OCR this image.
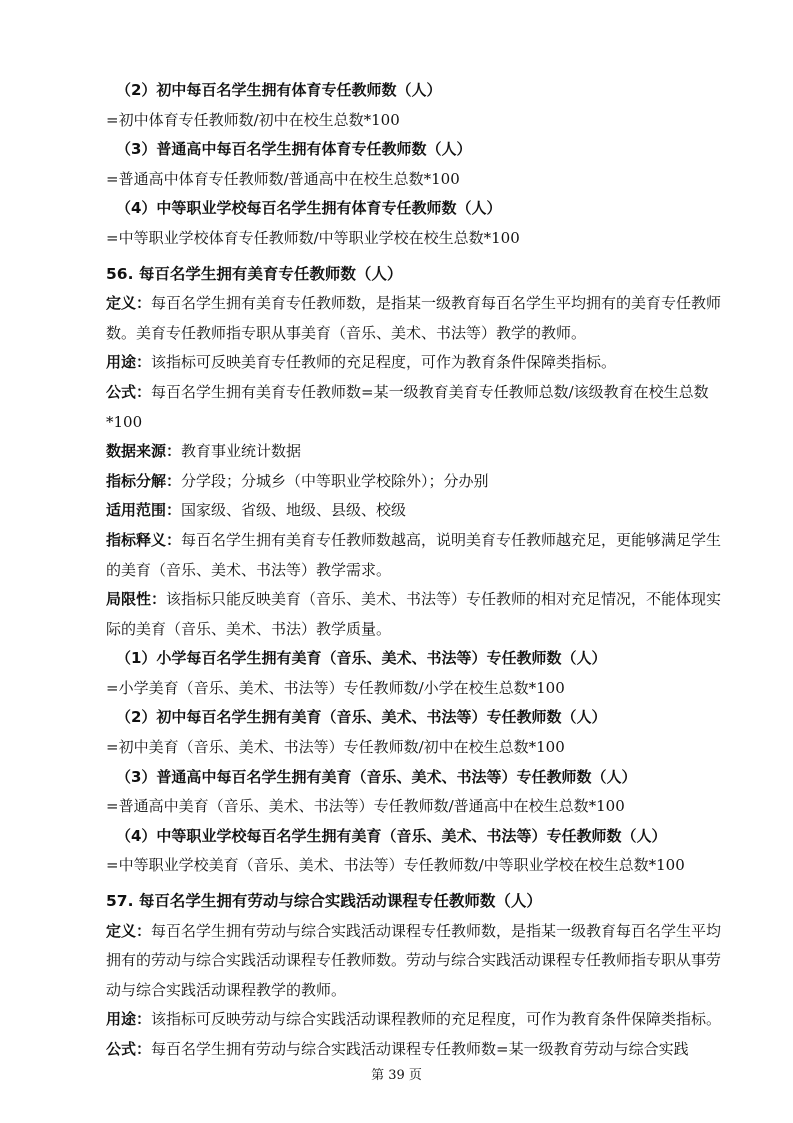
（2）初中每百名学生拥有体育专任教师数（人）
=初中体育专任教师数/初中在校生总数*100
（3）普通高中每百名学生拥有体育专任教师数（人）
=普通高中体育专任教师数/普通高中在校生总数*100
（4）中等职业学校每百名学生拥有体育专任教师数（人）
=中等职业学校体育专任教师数/中等职业学校在校生总数*100
56. 每百名学生拥有美育专任教师数（人）

定义：每百名学生拥有美育专任教师数，是指某一级教育每百名学生平均拥有的美育专任教师数。美育专任教师指专职从事美育（音乐、美术、书法等）教学的教师。

用途：该指标可反映美育专任教师的充足程度，可作为教育条件保障类指标。

公式：每百名学生拥有美育专任教师数=某一级教育美育专任教师总数/该级教育在校生总数*100

数据来源：教育事业统计数据

指标分解：分学段；分城乡（中等职业学校除外）；分办别

适用范围：国家级、省级、地级、县级、校级

指标释义：每百名学生拥有美育专任教师数越高，说明美育专任教师越充足，更能够满足学生的美育（音乐、美术、书法等）教学需求。

局限性：该指标只能反映美育（音乐、美术、书法等）专任教师的相对充足情况，不能体现实际的美育（音乐、美术、书法）教学质量。

（1）小学每百名学生拥有美育（音乐、美术、书法等）专任教师数（人）
=小学美育（音乐、美术、书法等）专任教师数/小学在校生总数*100
（2）初中每百名学生拥有美育（音乐、美术、书法等）专任教师数（人）
=初中美育（音乐、美术、书法等）专任教师数/初中在校生总数*100
（3）普通高中每百名学生拥有美育（音乐、美术、书法等）专任教师数（人）
=普通高中美育（音乐、美术、书法等）专任教师数/普通高中在校生总数*100
（4）中等职业学校每百名学生拥有美育（音乐、美术、书法等）专任教师数（人）
=中等职业学校美育（音乐、美术、书法等）专任教师数/中等职业学校在校生总数*100
57. 每百名学生拥有劳动与综合实践活动课程专任教师数（人）

定义：每百名学生拥有劳动与综合实践活动课程专任教师数，是指某一级教育每百名学生平均拥有的劳动与综合实践活动课程专任教师数。劳动与综合实践活动课程专任教师指专职从事劳动与综合实践活动课程教学的教师。

用途：该指标可反映劳动与综合实践活动课程教师的充足程度，可作为教育条件保障类指标。

公式：每百名学生拥有劳动与综合实践活动课程专任教师数=某一级教育劳动与综合实践

第 39 页
